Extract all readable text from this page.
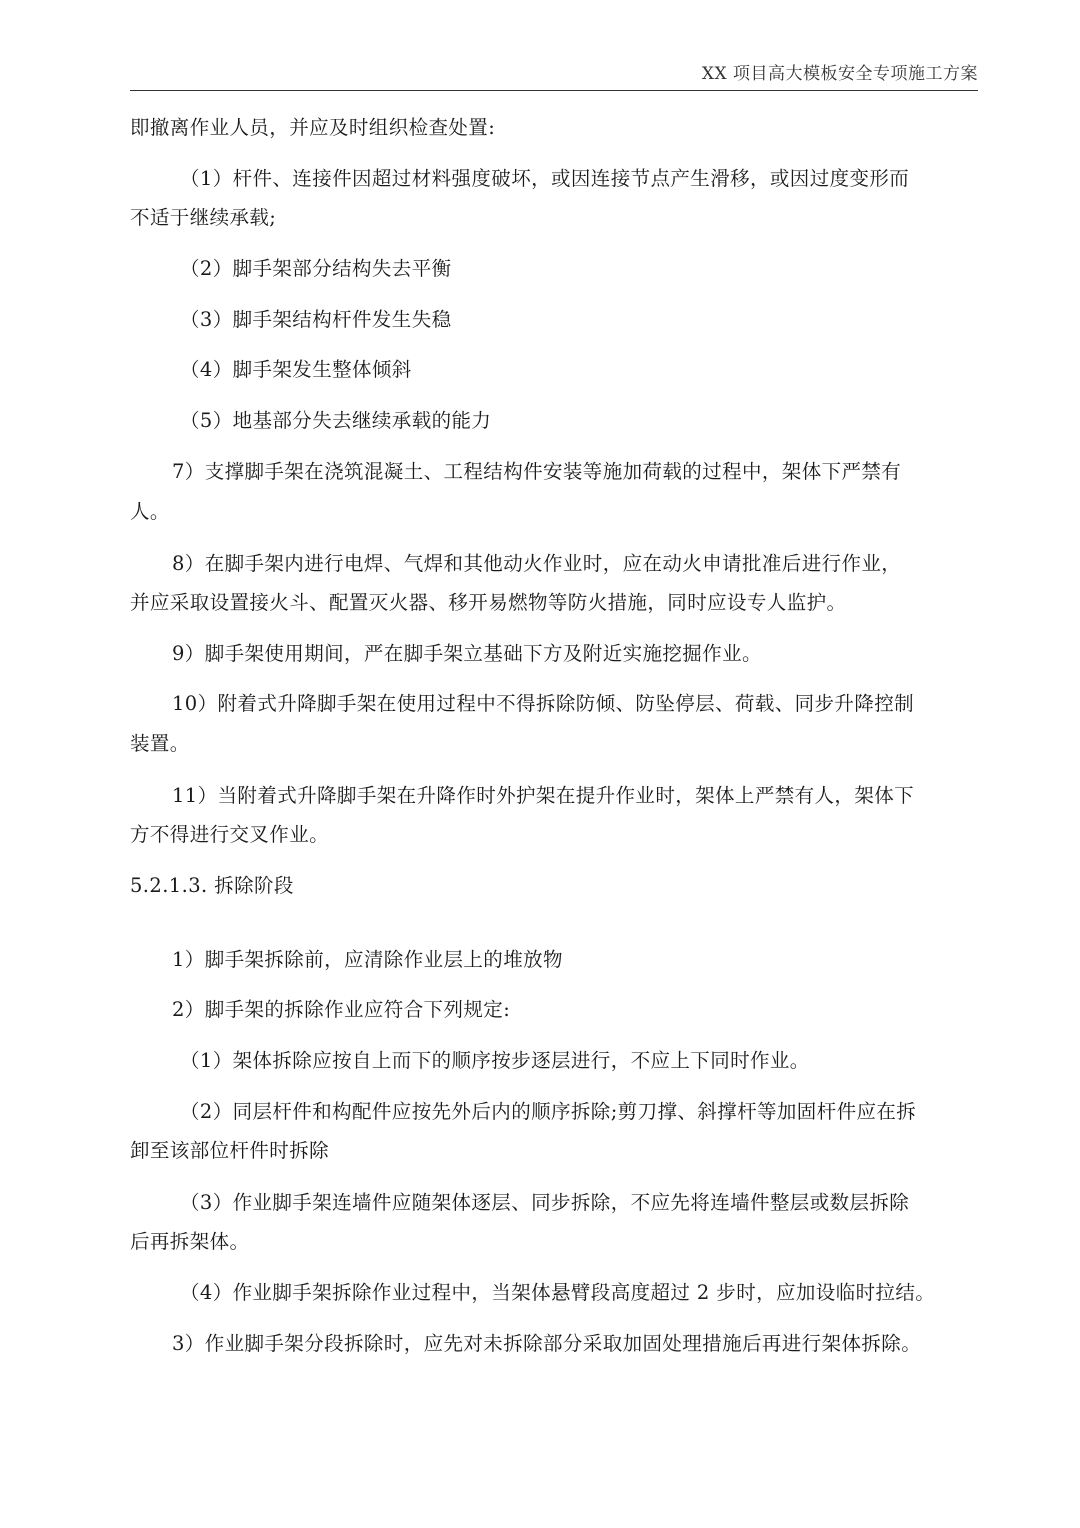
XX 项目高大模板安全专项施工方案
即撤离作业人员，并应及时组织检查处置:
（1）杆件、连接件因超过材料强度破坏，或因连接节点产生滑移，或因过度变形而
不适于继续承载;
（2）脚手架部分结构失去平衡
（3）脚手架结构杆件发生失稳
（4）脚手架发生整体倾斜
（5）地基部分失去继续承载的能力
7）支撑脚手架在浇筑混凝土、工程结构件安装等施加荷载的过程中，架体下严禁有
人。
8）在脚手架内进行电焊、气焊和其他动火作业时，应在动火申请批准后进行作业，
并应采取设置接火斗、配置灭火器、移开易燃物等防火措施，同时应设专人监护。
9）脚手架使用期间，严在脚手架立基础下方及附近实施挖掘作业。
10）附着式升降脚手架在使用过程中不得拆除防倾、防坠停层、荷载、同步升降控制
装置。
11）当附着式升降脚手架在升降作时外护架在提升作业时，架体上严禁有人，架体下
方不得进行交叉作业。
5.2.1.3. 拆除阶段
1）脚手架拆除前，应清除作业层上的堆放物
2）脚手架的拆除作业应符合下列规定:
（1）架体拆除应按自上而下的顺序按步逐层进行，不应上下同时作业。
（2）同层杆件和构配件应按先外后内的顺序拆除;剪刀撑、斜撑杆等加固杆件应在拆
卸至该部位杆件时拆除
（3）作业脚手架连墙件应随架体逐层、同步拆除，不应先将连墙件整层或数层拆除
后再拆架体。
（4）作业脚手架拆除作业过程中，当架体悬臂段高度超过 2 步时，应加设临时拉结。
3）作业脚手架分段拆除时，应先对未拆除部分采取加固处理措施后再进行架体拆除。
